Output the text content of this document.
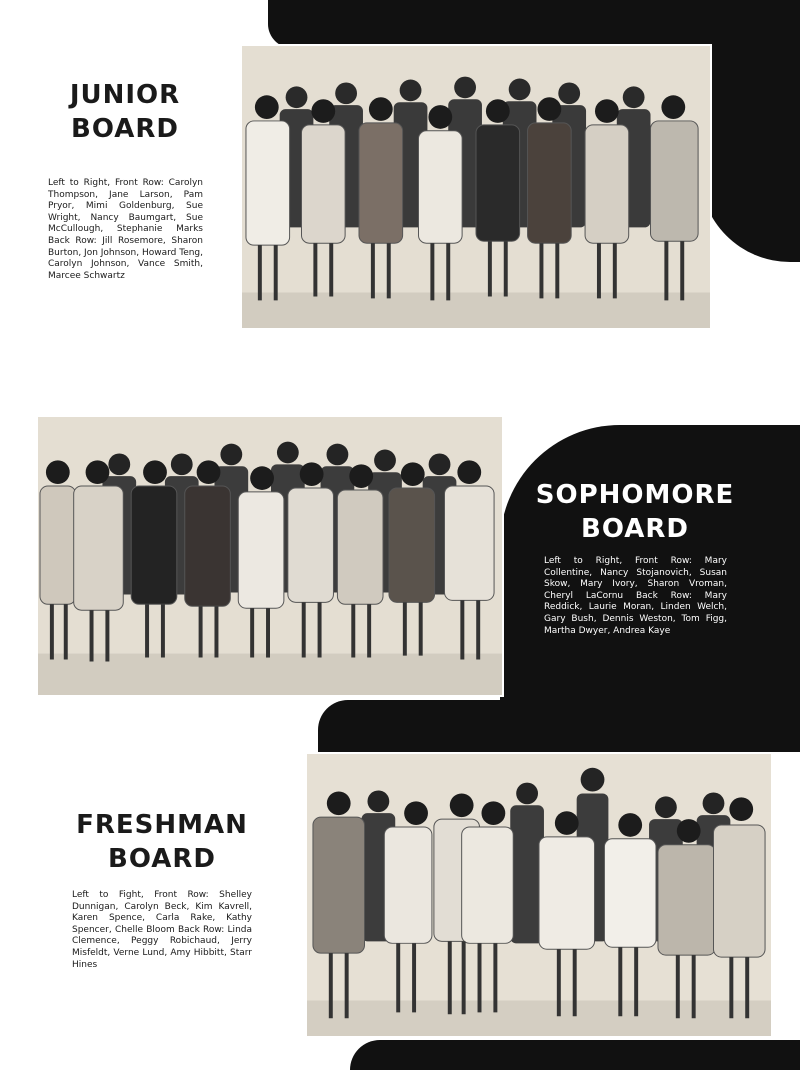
JUNIOR
BOARD

Left to Right, Front Row: Carolyn Thompson, Jane Larson, Pam Pryor, Mimi Goldenburg, Sue Wright, Nancy Baumgart, Sue McCullough, Stephanie Marks Back Row: Jill Rosemore, Sharon Burton, Jon Johnson, Howard Teng, Carolyn Johnson, Vance Smith, Marcee Schwartz

SOPHOMORE
BOARD

Left to Right, Front Row: Mary Collentine, Nancy Stojanovich, Susan Skow, Mary Ivory, Sharon Vroman, Cheryl LaCornu Back Row: Mary Reddick, Laurie Moran, Linden Welch, Gary Bush, Dennis Weston, Tom Figg, Martha Dwyer, Andrea Kaye

FRESHMAN
BOARD

Left to Fight, Front Row: Shelley Dunnigan, Carolyn Beck, Kim Kavrell, Karen Spence, Carla Rake, Kathy Spencer, Chelle Bloom Back Row: Linda Clemence, Peggy Robichaud, Jerry Misfeldt, Verne Lund, Amy Hibbitt, Starr Hines
